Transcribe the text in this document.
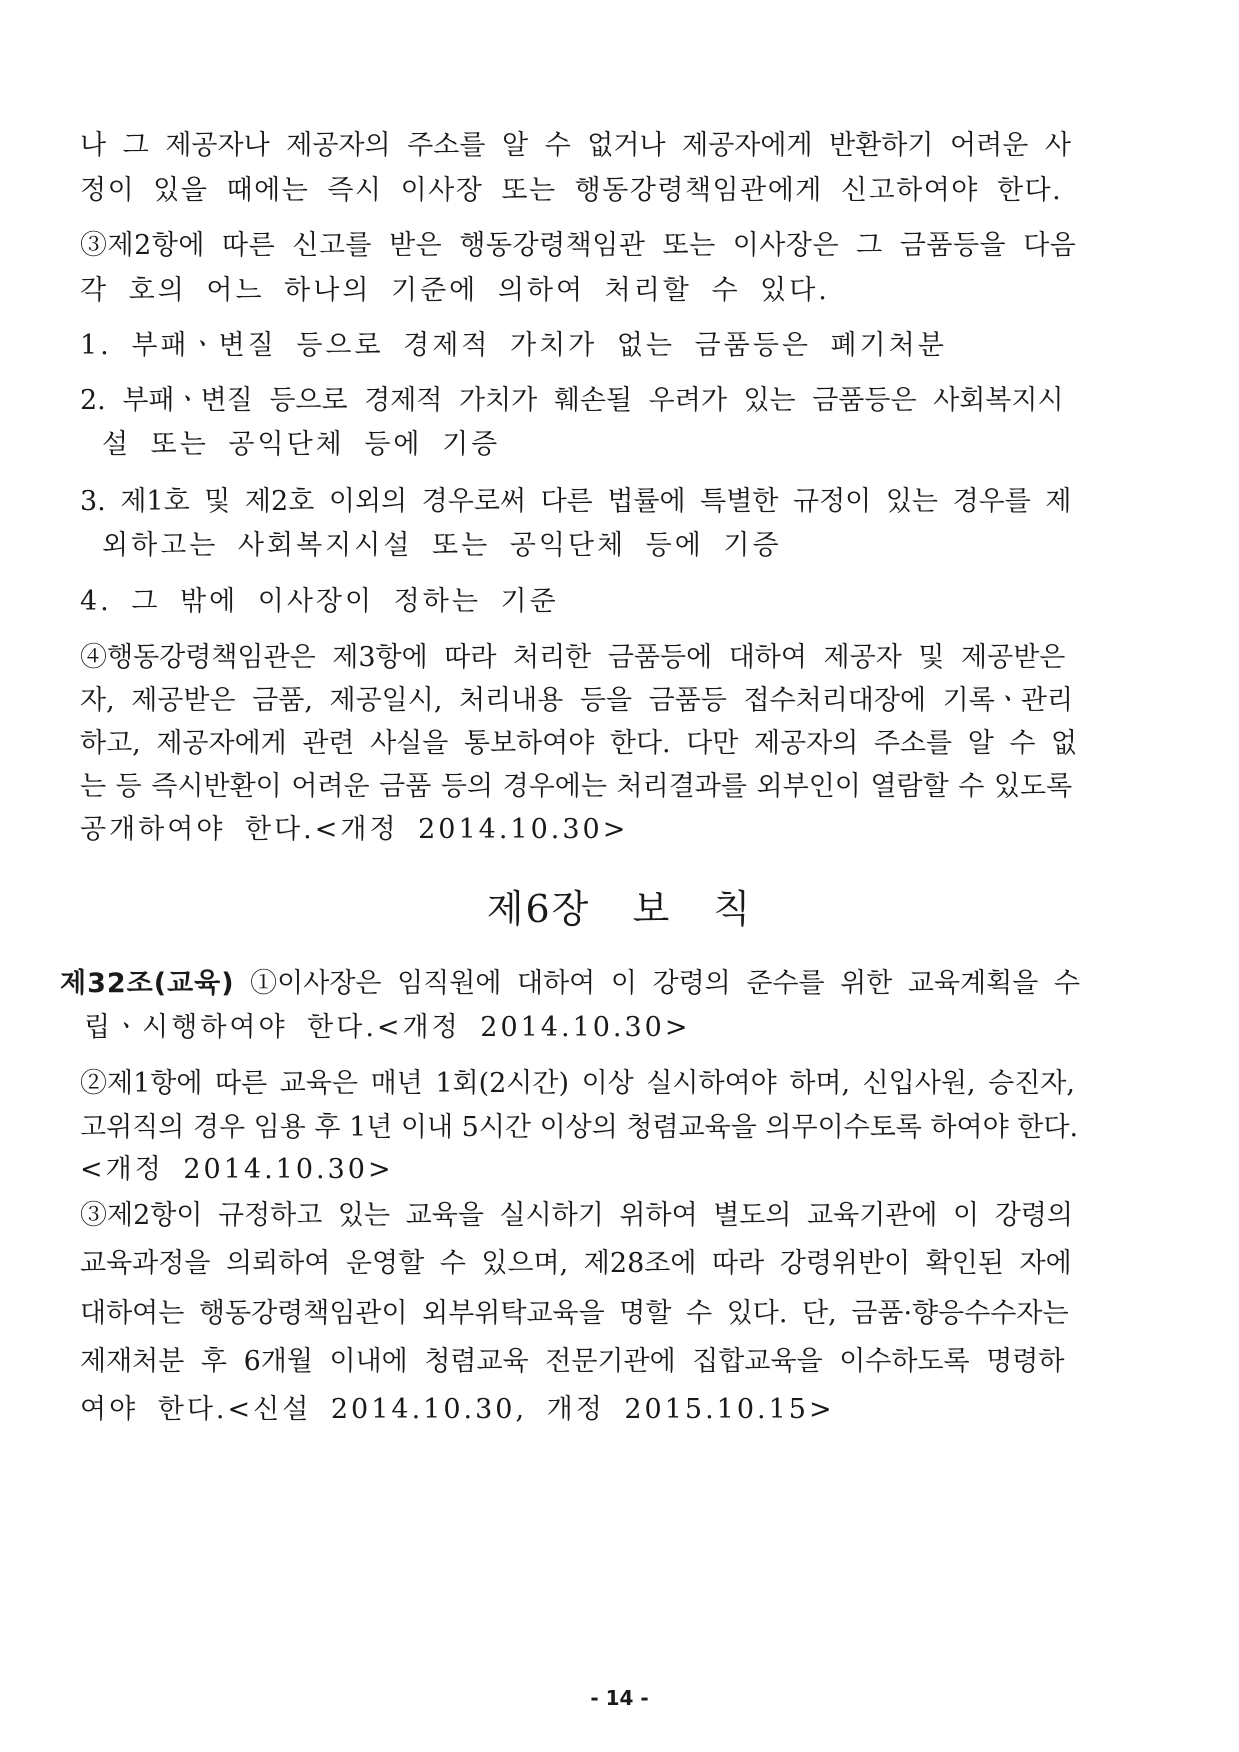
나 그 제공자나 제공자의 주소를 알 수 없거나 제공자에게 반환하기 어려운 사
정이 있을 때에는 즉시 이사장 또는 행동강령책임관에게 신고하여야 한다.
③제2항에 따른 신고를 받은 행동강령책임관 또는 이사장은 그 금품등을 다음
각 호의 어느 하나의 기준에 의하여 처리할 수 있다.
1. 부패ㆍ변질 등으로 경제적 가치가 없는 금품등은 폐기처분
2. 부패ㆍ변질 등으로 경제적 가치가 훼손될 우려가 있는 금품등은 사회복지시
설 또는 공익단체 등에 기증
3. 제1호 및 제2호 이외의 경우로써 다른 법률에 특별한 규정이 있는 경우를 제
외하고는 사회복지시설 또는 공익단체 등에 기증
4. 그 밖에 이사장이 정하는 기준
④행동강령책임관은 제3항에 따라 처리한 금품등에 대하여 제공자 및 제공받은
자, 제공받은 금품, 제공일시, 처리내용 등을 금품등 접수처리대장에 기록ㆍ관리
하고, 제공자에게 관련 사실을 통보하여야 한다. 다만 제공자의 주소를 알 수 없
는 등 즉시반환이 어려운 금품 등의 경우에는 처리결과를 외부인이 열람할 수 있도록
공개하여야 한다.<개정 2014.10.30>
제6장   보   칙
제32조(교육) ①이사장은 임직원에 대하여 이 강령의 준수를 위한 교육계획을 수
립ㆍ시행하여야 한다.<개정 2014.10.30>
②제1항에 따른 교육은 매년 1회(2시간) 이상 실시하여야 하며, 신입사원, 승진자,
고위직의 경우 임용 후 1년 이내 5시간 이상의 청렴교육을 의무이수토록 하여야 한다.
<개정 2014.10.30>
③제2항이 규정하고 있는 교육을 실시하기 위하여 별도의 교육기관에 이 강령의
교육과정을 의뢰하여 운영할 수 있으며, 제28조에 따라 강령위반이 확인된 자에
대하여는 행동강령책임관이 외부위탁교육을 명할 수 있다. 단, 금품·향응수수자는
제재처분 후 6개월 이내에 청렴교육 전문기관에 집합교육을 이수하도록 명령하
여야 한다.<신설 2014.10.30, 개정 2015.10.15>
- 14 -
